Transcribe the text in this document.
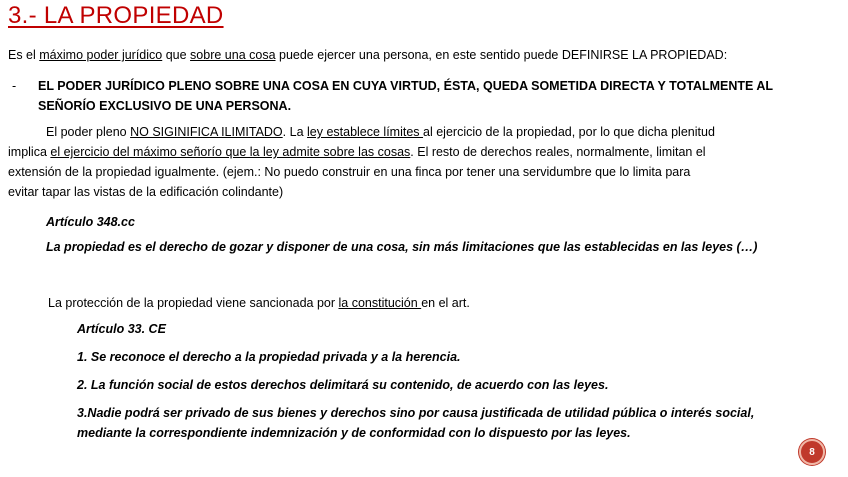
3.- LA PROPIEDAD
Es el máximo poder jurídico que sobre una cosa puede ejercer una persona, en este sentido puede DEFINIRSE LA PROPIEDAD:
- EL PODER JURÍDICO PLENO SOBRE UNA COSA EN CUYA VIRTUD, ÉSTA, QUEDA SOMETIDA DIRECTA Y TOTALMENTE AL
SEÑORÍO EXCLUSIVO DE UNA PERSONA.
El poder pleno NO SIGINIFICA ILIMITADO. La ley establece límites al ejercicio de la propiedad, por lo que dicha plenitud
implica el ejercicio del máximo señorío que la ley admite sobre las cosas. El resto de derechos reales, normalmente, limitan el
extensión de la propiedad igualmente. (ejem.: No puedo construir en una finca por tener una servidumbre que lo limita para
evitar tapar las vistas de la edificación colindante)
Artículo 348.cc
La propiedad es el derecho de gozar y disponer de una cosa, sin más limitaciones que las establecidas en las leyes (…)
La protección de la propiedad viene sancionada por la constitución en el art.
Artículo 33. CE
1. Se reconoce el derecho a la propiedad privada y a la herencia.
2. La función social de estos derechos delimitará su contenido, de acuerdo con las leyes.
3.Nadie podrá ser privado de sus bienes y derechos sino por causa justificada de utilidad pública o interés social,
mediante la correspondiente indemnización y de conformidad con lo dispuesto por las leyes.
8
